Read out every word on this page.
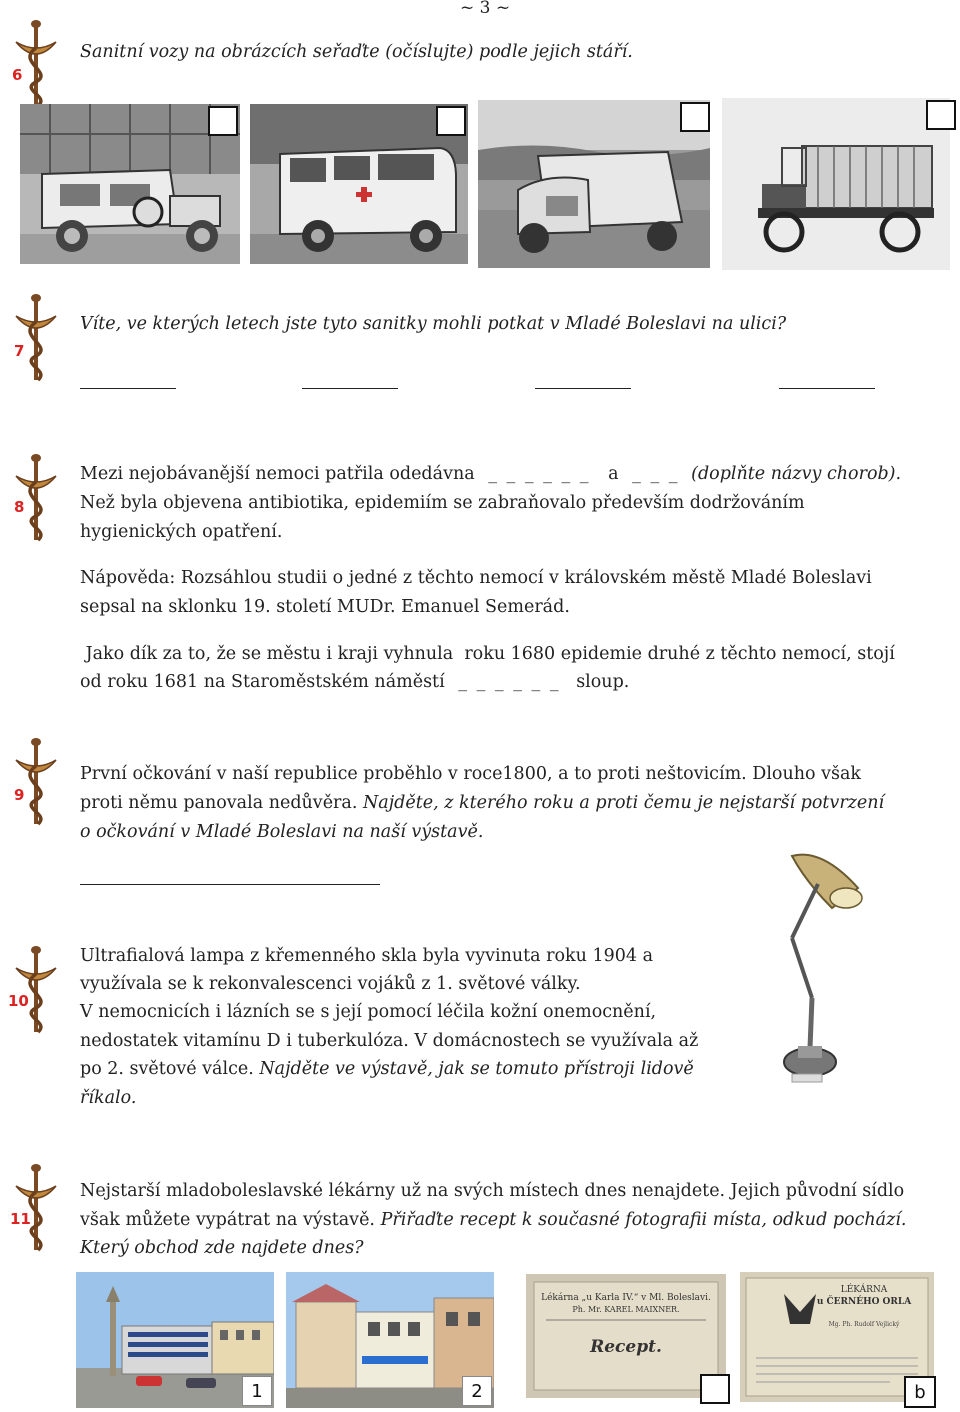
~ 3 ~
6
7
8
9
10
11
Sanitní vozy na obrázcích seřaďte (očíslujte) podle jejich stáří.
Víte, ve kterých letech jste tyto sanitky mohli potkat v Mladé Boleslavi na ulici?
Mezi nejobávanější nemoci patřila odedávna _ _ _ _ _ _ a _ _ _ (doplňte názvy chorob).
Než byla objevena antibiotika, epidemiím se zabraňovalo především dodržováním
hygienických opatření.
Nápověda: Rozsáhlou studii o jedné z těchto nemocí v královském městě Mladé Boleslavi
sepsal na sklonku 19. století MUDr. Emanuel Semerád.
Jako dík za to, že se městu i kraji vyhnula  roku 1680 epidemie druhé z těchto nemocí, stojí
od roku 1681 na Staroměstském náměstí _ _ _ _ _ _ sloup.
První očkování v naší republice proběhlo v roce1800, a to proti neštovicím. Dlouho však
proti němu panovala nedůvěra. Najděte, z kterého roku a proti čemu je nejstarší potvrzení
o očkování v Mladé Boleslavi na naší výstavě.
Ultrafialová lampa z křemenného skla byla vyvinuta roku 1904 a
využívala se k rekonvalescenci vojáků z 1. světové války.
V nemocnicích i lázních se s její pomocí léčila kožní onemocnění,
nedostatek vitamínu D i tuberkulóza. V domácnostech se využívala až
po 2. světové válce. Najděte ve výstavě, jak se tomuto přístroji lidově
říkalo.
Nejstarší mladoboleslavské lékárny už na svých místech dnes nenajdete. Jejich původní sídlo
však můžete vypátrat na výstavě. Přiřaďte recept k současné fotografii místa, odkud pochází.
Který obchod zde najdete dnes?
Lékárna „u Karla IV.“ v Ml. Boleslavi.
Ph. Mr. KAREL MAIXNER.
Recept.
LÉKÁRNA
u ČERNÉHO ORLA
Mg. Ph. Rudolf Vejlický
1	2	b
